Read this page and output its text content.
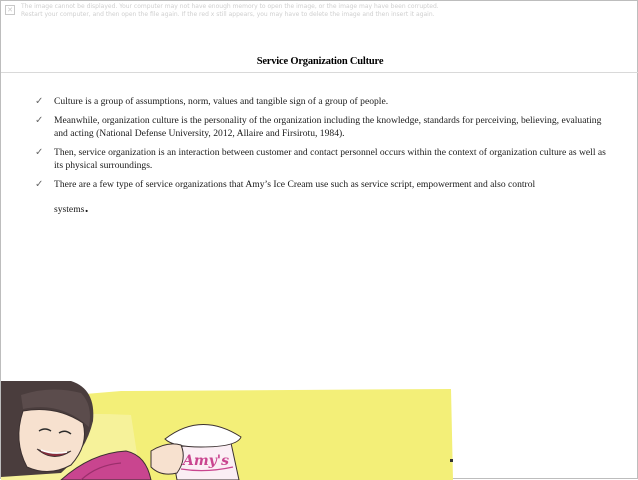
✕	The image cannot be displayed. Your computer may not have enough memory to open the image, or the image may have been corrupted. Restart your computer, and then open the file again. If the red x still appears, you may have to delete the image and then insert it again.
Service Organization Culture
✓ Culture is a group of assumptions, norm, values and tangible sign of a group of people.
✓ Meanwhile, organization culture is the personality of the organization including the knowledge, standards for perceiving, believing, evaluating and acting (National Defense University, 2012, Allaire and Firsirotu, 1984).
✓ Then, service organization is an interaction between customer and contact personnel occurs within the context of organization culture as well as its physical surroundings.
✓ There are a few type of service organizations that Amy’s Ice Cream use such as service script, empowerment and also control
systems.
Amy's
